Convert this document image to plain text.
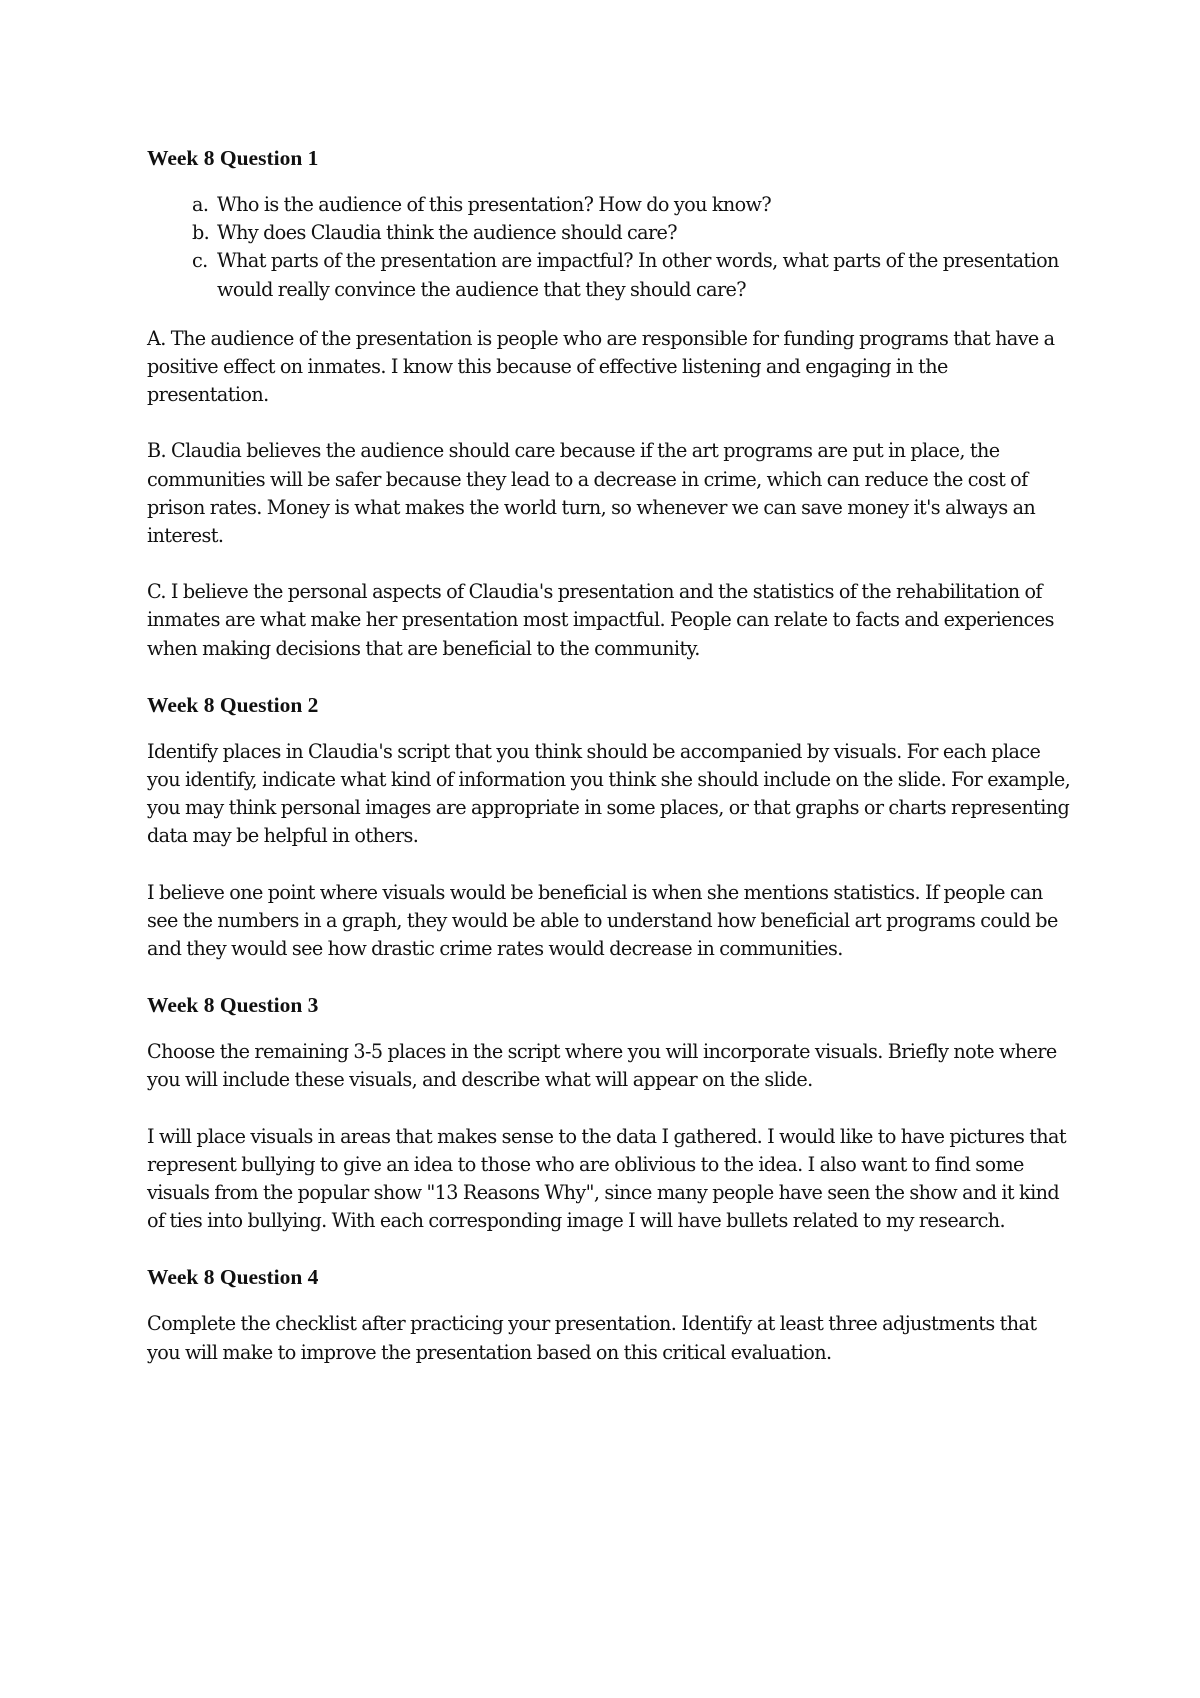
Week 8 Question 1
a. Who is the audience of this presentation? How do you know?
b. Why does Claudia think the audience should care?
c. What parts of the presentation are impactful? In other words, what parts of the presentation would really convince the audience that they should care?

A. The audience of the presentation is people who are responsible for funding programs that have a positive effect on inmates. I know this because of effective listening and engaging in the presentation.

B. Claudia believes the audience should care because if the art programs are put in place, the communities will be safer because they lead to a decrease in crime, which can reduce the cost of prison rates. Money is what makes the world turn, so whenever we can save money it's always an interest.

C. I believe the personal aspects of Claudia's presentation and the statistics of the rehabilitation of inmates are what make her presentation most impactful. People can relate to facts and experiences when making decisions that are beneficial to the community.

Week 8 Question 2

Identify places in Claudia's script that you think should be accompanied by visuals. For each place you identify, indicate what kind of information you think she should include on the slide. For example, you may think personal images are appropriate in some places, or that graphs or charts representing data may be helpful in others.

I believe one point where visuals would be beneficial is when she mentions statistics. If people can see the numbers in a graph, they would be able to understand how beneficial art programs could be and they would see how drastic crime rates would decrease in communities.

Week 8 Question 3

Choose the remaining 3-5 places in the script where you will incorporate visuals. Briefly note where you will include these visuals, and describe what will appear on the slide.

I will place visuals in areas that makes sense to the data I gathered. I would like to have pictures that represent bullying to give an idea to those who are oblivious to the idea. I also want to find some visuals from the popular show "13 Reasons Why", since many people have seen the show and it kind of ties into bullying. With each corresponding image I will have bullets related to my research.

Week 8 Question 4

Complete the checklist after practicing your presentation. Identify at least three adjustments that you will make to improve the presentation based on this critical evaluation.
